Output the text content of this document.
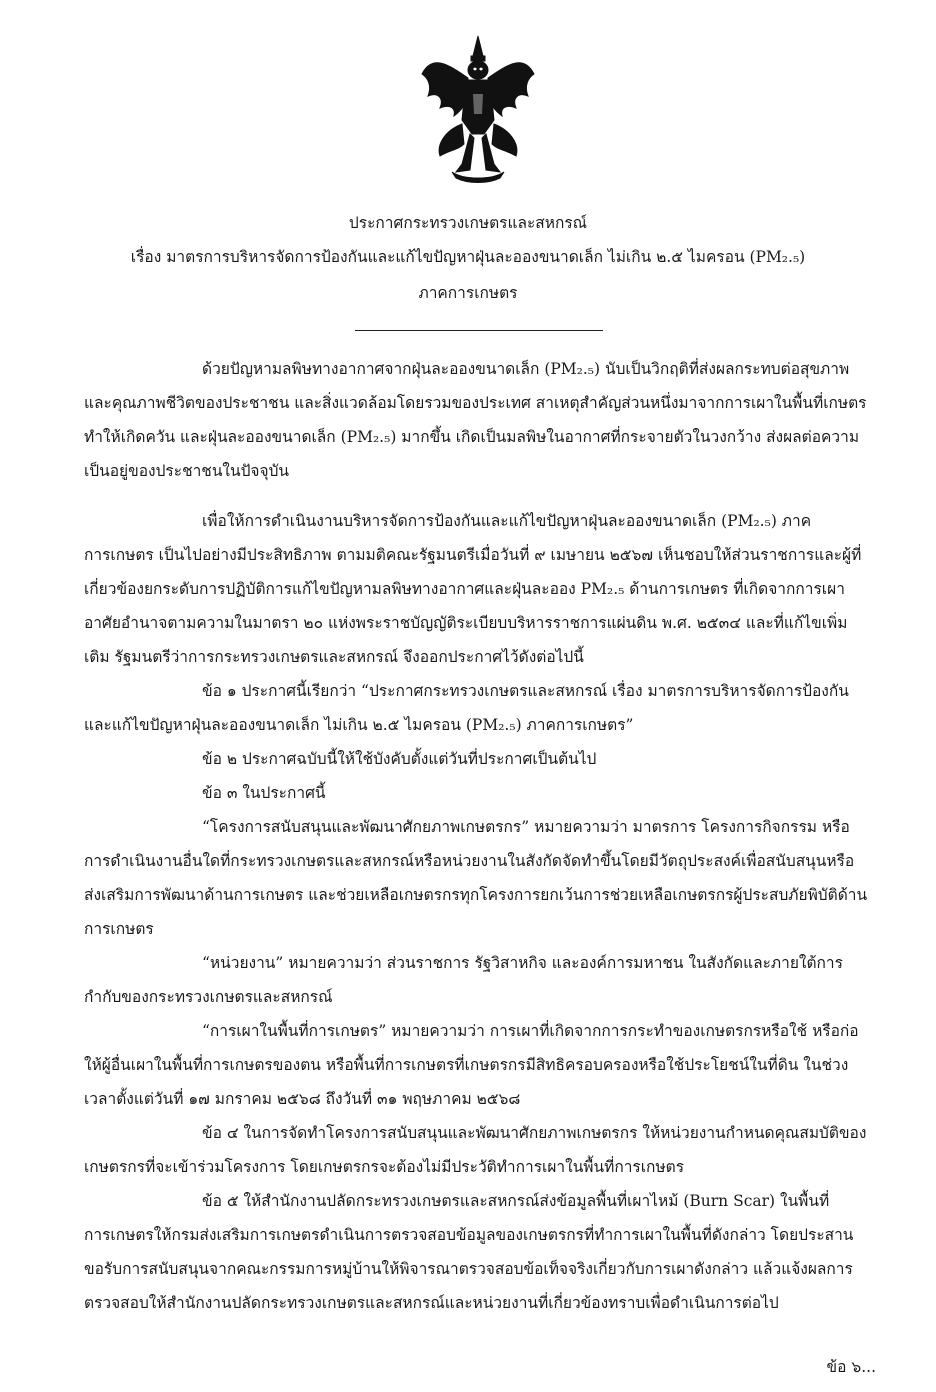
ประกาศกระทรวงเกษตรและสหกรณ์
เรื่อง มาตรการบริหารจัดการป้องกันและแก้ไขปัญหาฝุ่นละอองขนาดเล็ก ไม่เกิน ๒.๕ ไมครอน (PM₂.₅)
ภาคการเกษตร

ด้วยปัญหามลพิษทางอากาศจากฝุ่นละอองขนาดเล็ก (PM₂.₅) นับเป็นวิกฤติที่ส่งผลกระทบต่อสุขภาพและคุณภาพชีวิตของประชาชน และสิ่งแวดล้อมโดยรวมของประเทศ สาเหตุสำคัญส่วนหนึ่งมาจากการเผาในพื้นที่เกษตร ทำให้เกิดควัน และฝุ่นละอองขนาดเล็ก (PM₂.₅) มากขึ้น เกิดเป็นมลพิษในอากาศที่กระจายตัวในวงกว้าง ส่งผลต่อความเป็นอยู่ของประชาชนในปัจจุบัน

เพื่อให้การดำเนินงานบริหารจัดการป้องกันและแก้ไขปัญหาฝุ่นละอองขนาดเล็ก (PM₂.₅) ภาคการเกษตร เป็นไปอย่างมีประสิทธิภาพ ตามมติคณะรัฐมนตรีเมื่อวันที่ ๙ เมษายน ๒๕๖๗ เห็นชอบให้ส่วนราชการและผู้ที่เกี่ยวข้องยกระดับการปฏิบัติการแก้ไขปัญหามลพิษทางอากาศและฝุ่นละออง PM₂.₅ ด้านการเกษตร ที่เกิดจากการเผา อาศัยอำนาจตามความในมาตรา ๒๐ แห่งพระราชบัญญัติระเบียบบริหารราชการแผ่นดิน พ.ศ. ๒๕๓๔ และที่แก้ไขเพิ่มเติม รัฐมนตรีว่าการกระทรวงเกษตรและสหกรณ์ จึงออกประกาศไว้ดังต่อไปนี้

ข้อ ๑ ประกาศนี้เรียกว่า “ประกาศกระทรวงเกษตรและสหกรณ์ เรื่อง มาตรการบริหารจัดการป้องกันและแก้ไขปัญหาฝุ่นละอองขนาดเล็ก ไม่เกิน ๒.๕ ไมครอน (PM₂.₅) ภาคการเกษตร”

ข้อ ๒ ประกาศฉบับนี้ให้ใช้บังคับตั้งแต่วันที่ประกาศเป็นต้นไป

ข้อ ๓ ในประกาศนี้

“โครงการสนับสนุนและพัฒนาศักยภาพเกษตรกร” หมายความว่า มาตรการ โครงการกิจกรรม หรือการดำเนินงานอื่นใดที่กระทรวงเกษตรและสหกรณ์หรือหน่วยงานในสังกัดจัดทำขึ้นโดยมีวัตถุประสงค์เพื่อสนับสนุนหรือส่งเสริมการพัฒนาด้านการเกษตร และช่วยเหลือเกษตรกรทุกโครงการยกเว้นการช่วยเหลือเกษตรกรผู้ประสบภัยพิบัติด้านการเกษตร

“หน่วยงาน” หมายความว่า ส่วนราชการ รัฐวิสาหกิจ และองค์การมหาชน ในสังกัดและภายใต้การกำกับของกระทรวงเกษตรและสหกรณ์

“การเผาในพื้นที่การเกษตร” หมายความว่า การเผาที่เกิดจากการกระทำของเกษตรกรหรือใช้ หรือก่อให้ผู้อื่นเผาในพื้นที่การเกษตรของตน หรือพื้นที่การเกษตรที่เกษตรกรมีสิทธิครอบครองหรือใช้ประโยชน์ในที่ดิน ในช่วงเวลาตั้งแต่วันที่ ๑๗ มกราคม ๒๕๖๘ ถึงวันที่ ๓๑ พฤษภาคม ๒๕๖๘

ข้อ ๔ ในการจัดทำโครงการสนับสนุนและพัฒนาศักยภาพเกษตรกร ให้หน่วยงานกำหนดคุณสมบัติของเกษตรกรที่จะเข้าร่วมโครงการ โดยเกษตรกรจะต้องไม่มีประวัติทำการเผาในพื้นที่การเกษตร

ข้อ ๕ ให้สำนักงานปลัดกระทรวงเกษตรและสหกรณ์ส่งข้อมูลพื้นที่เผาไหม้ (Burn Scar) ในพื้นที่การเกษตรให้กรมส่งเสริมการเกษตรดำเนินการตรวจสอบข้อมูลของเกษตรกรที่ทำการเผาในพื้นที่ดังกล่าว โดยประสานขอรับการสนับสนุนจากคณะกรรมการหมู่บ้านให้พิจารณาตรวจสอบข้อเท็จจริงเกี่ยวกับการเผาดังกล่าว แล้วแจ้งผลการตรวจสอบให้สำนักงานปลัดกระทรวงเกษตรและสหกรณ์และหน่วยงานที่เกี่ยวข้องทราบเพื่อดำเนินการต่อไป

ข้อ ๖...
